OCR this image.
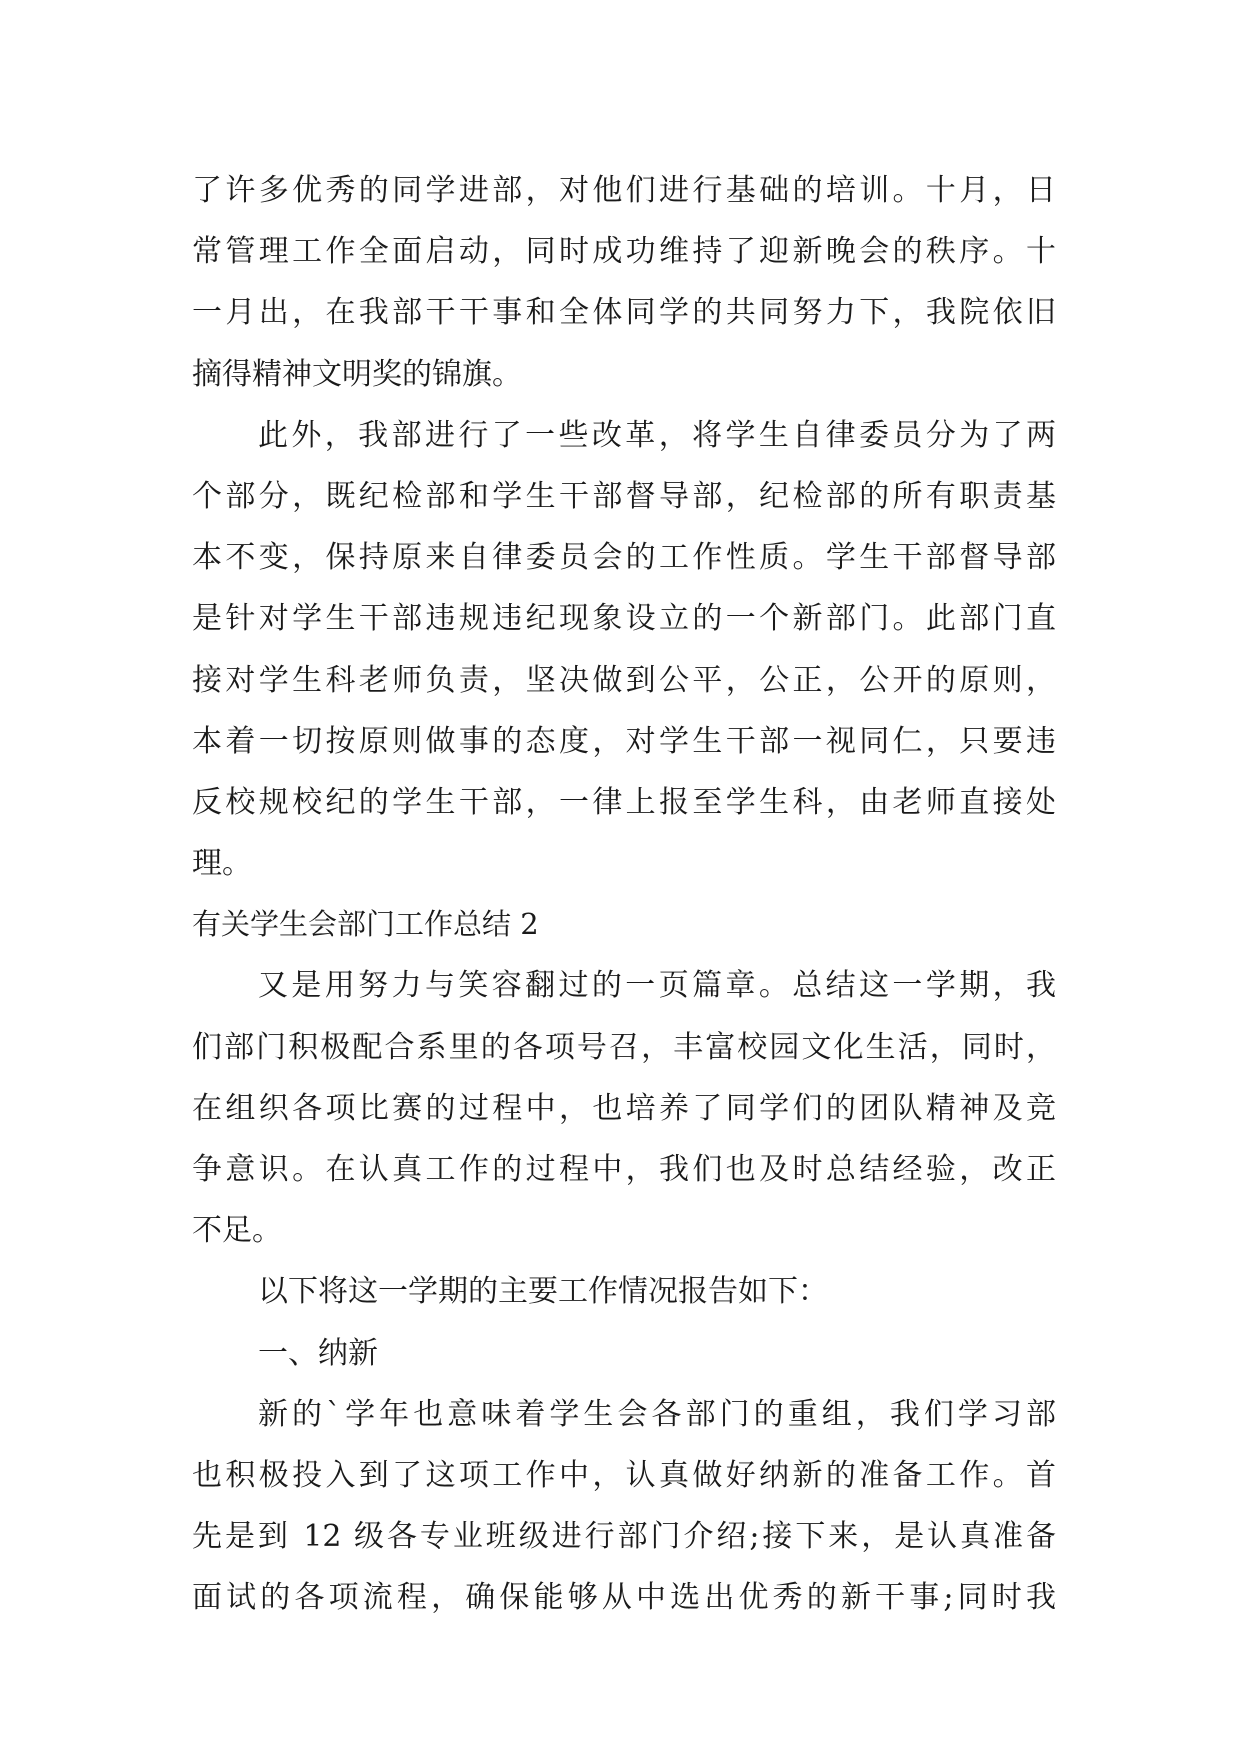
了许多优秀的同学进部，对他们进行基础的培训。十月，日
常管理工作全面启动，同时成功维持了迎新晚会的秩序。十
一月出，在我部干干事和全体同学的共同努力下，我院依旧
摘得精神文明奖的锦旗。
此外，我部进行了一些改革，将学生自律委员分为了两
个部分，既纪检部和学生干部督导部，纪检部的所有职责基
本不变，保持原来自律委员会的工作性质。学生干部督导部
是针对学生干部违规违纪现象设立的一个新部门。此部门直
接对学生科老师负责，坚决做到公平，公正，公开的原则，
本着一切按原则做事的态度，对学生干部一视同仁，只要违
反校规校纪的学生干部，一律上报至学生科，由老师直接处
理。
有关学生会部门工作总结 2
又是用努力与笑容翻过的一页篇章。总结这一学期，我
们部门积极配合系里的各项号召，丰富校园文化生活，同时，
在组织各项比赛的过程中，也培养了同学们的团队精神及竞
争意识。在认真工作的过程中，我们也及时总结经验，改正
不足。
以下将这一学期的主要工作情况报告如下：
一、纳新
新的`学年也意味着学生会各部门的重组，我们学习部
也积极投入到了这项工作中，认真做好纳新的准备工作。首
先是到 12 级各专业班级进行部门介绍;接下来，是认真准备
面试的各项流程，确保能够从中选出优秀的新干事;同时我
